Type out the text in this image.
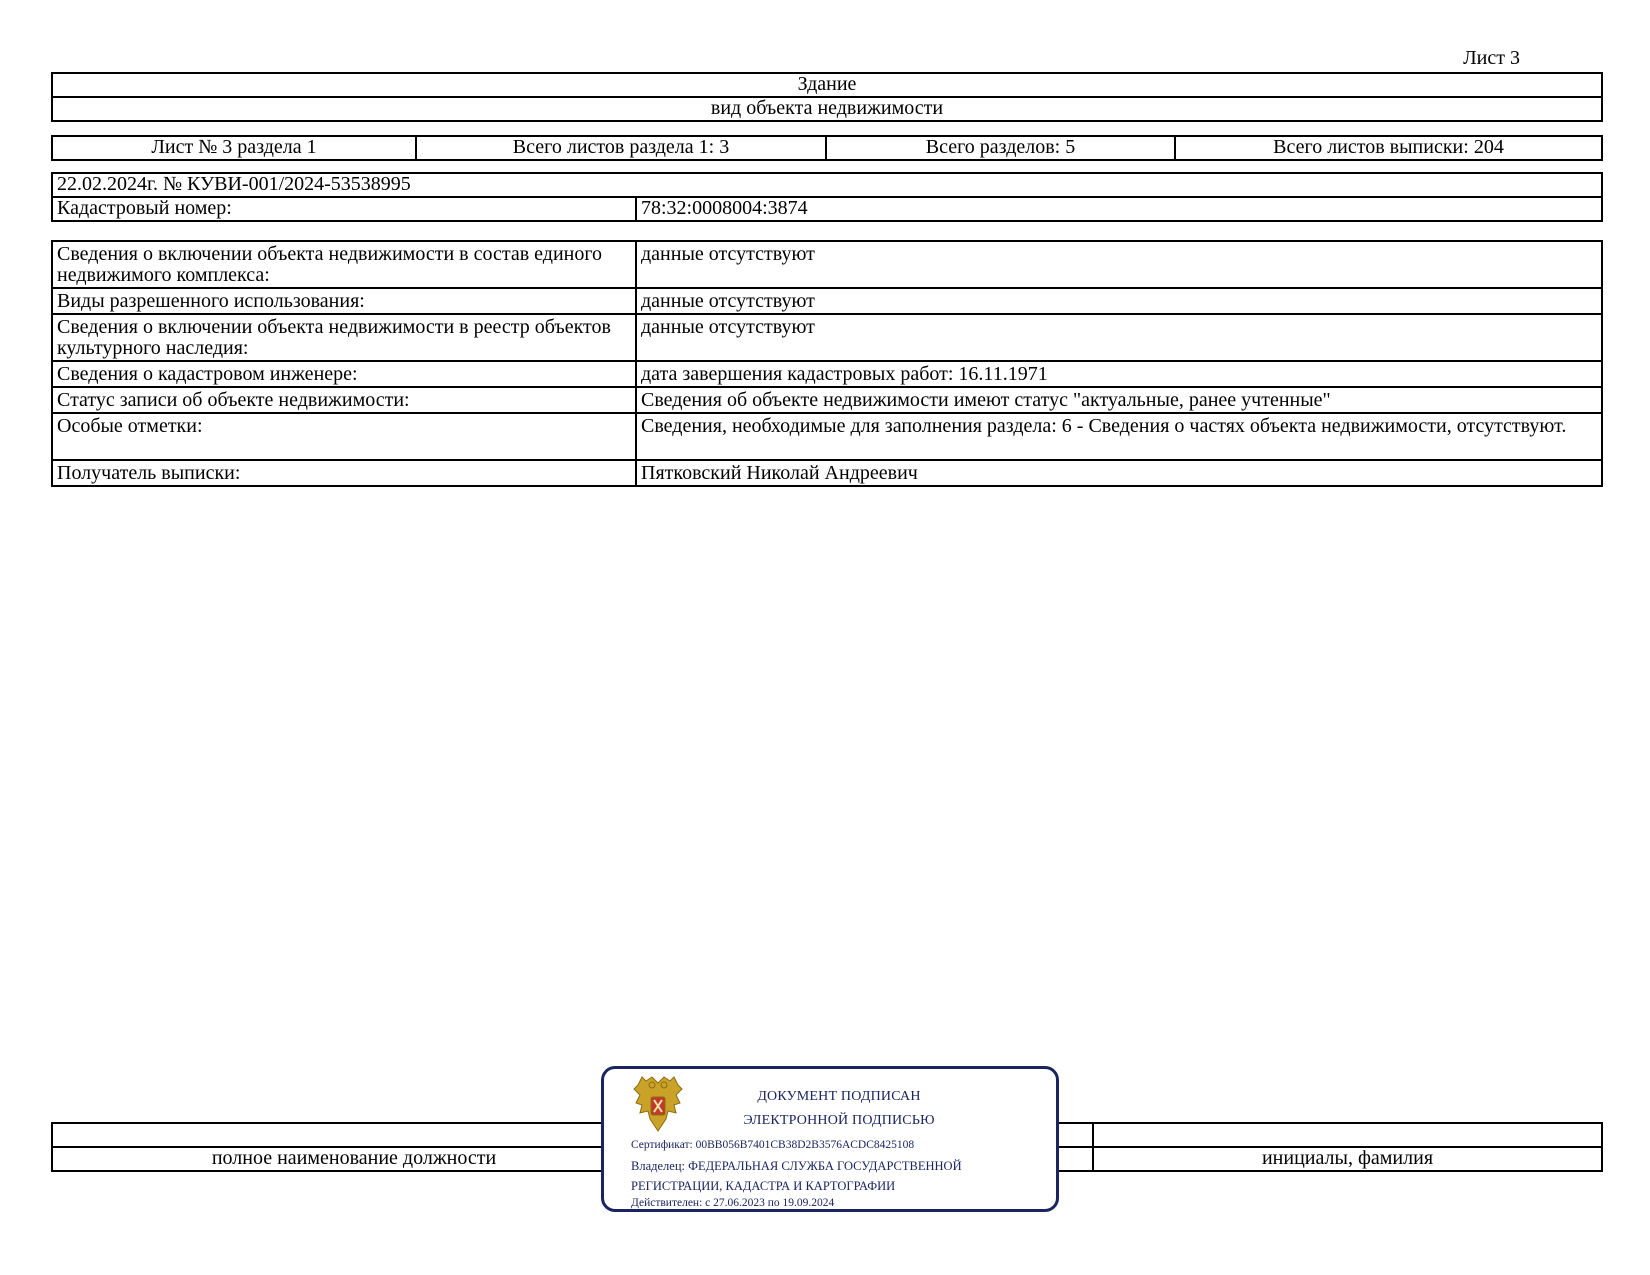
Лист 3
Здание
вид объекта недвижимости
Лист № 3 раздела 1	Всего листов раздела 1: 3	Всего разделов: 5	Всего листов выписки: 204
22.02.2024г. № КУВИ-001/2024-53538995
Кадастровый номер:	78:32:0008004:3874
Сведения о включении объекта недвижимости в состав единого недвижимого комплекса:	данные отсутствуют
Виды разрешенного использования:	данные отсутствуют
Сведения о включении объекта недвижимости в реестр объектов культурного наследия:	данные отсутствуют
Сведения о кадастровом инженере:	дата завершения кадастровых работ: 16.11.1971
Статус записи об объекте недвижимости:	Сведения об объекте недвижимости имеют статус "актуальные, ранее учтенные"
Особые отметки:	Сведения, необходимые для заполнения раздела: 6 - Сведения о частях объекта недвижимости, отсутствуют.
Получатель выписки:	Пятковский Николай Андреевич

полное наименование должности		инициалы, фамилия
ДОКУМЕНТ ПОДПИСАН
ЭЛЕКТРОННОЙ ПОДПИСЬЮ
Сертификат: 00BB056B7401CB38D2B3576ACDC8425108
Владелец: ФЕДЕРАЛЬНАЯ СЛУЖБА ГОСУДАРСТВЕННОЙ
РЕГИСТРАЦИИ, КАДАСТРА И КАРТОГРАФИИ
Действителен: с 27.06.2023 по 19.09.2024
